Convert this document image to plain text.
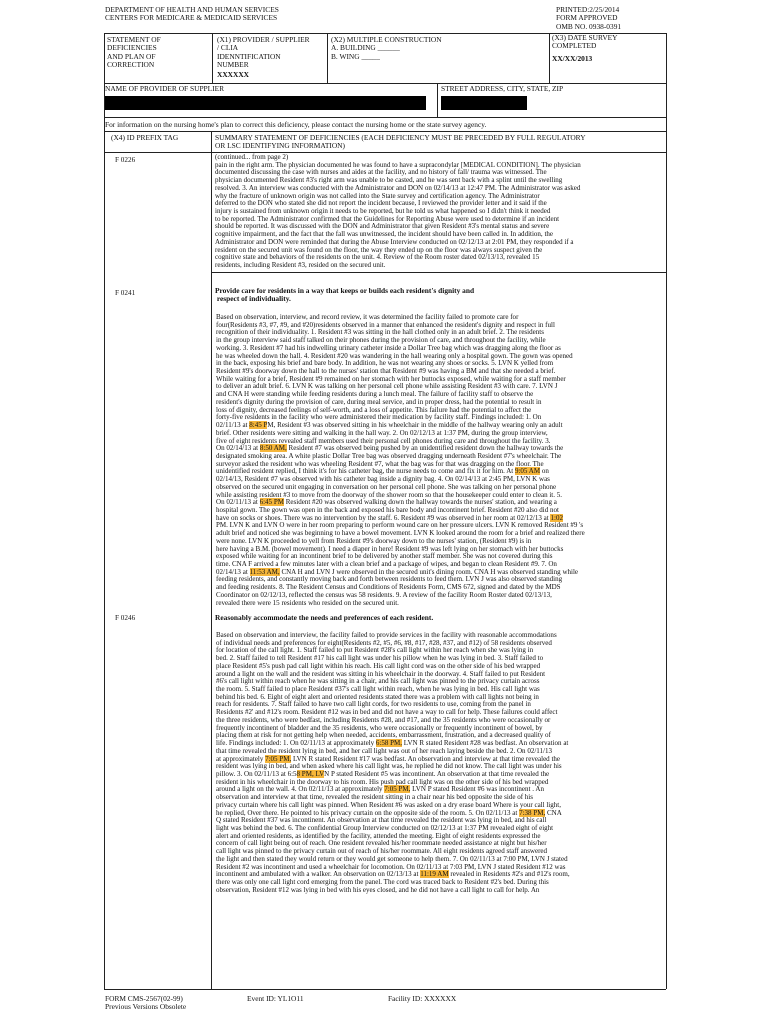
DEPARTMENT OF HEALTH AND HUMAN SERVICES
CENTERS FOR MEDICARE & MEDICAID SERVICES
PRINTED:2/25/2014
FORM APPROVED
OMB NO. 0938-0391
STATEMENT OF
DEFICIENCIES
AND PLAN OF
CORRECTION
(X1) PROVIDER / SUPPLIER
/ CLIA
IDENNTIFICATION
NUMBER
XXXXXX
(X2) MULTIPLE CONSTRUCTION
A. BUILDING ______
B. WING _____
(X3) DATE SURVEY
COMPLETED
XX/XX/2013
NAME OF PROVIDER OF SUPPLIER	STREET ADDRESS, CITY, STATE, ZIP
For information on the nursing home's plan to correct this deficiency, please contact the nursing home or the state survey agency.
(X4) ID PREFIX TAG	SUMMARY STATEMENT OF DEFICIENCIES (EACH DEFICIENCY MUST BE PRECEDED BY FULL REGULATORY
OR LSC IDENTIFYING INFORMATION)
F 0226	(continued... from page 2)
pain in the right arm. The physician documented he was found to have a supracondylar [MEDICAL CONDITION]. The physician
documented discussing the case with nurses and aides at the facility, and no history of fall/ trauma was witnessed. The
physician documented Resident #3's right arm was unable to be casted, and he was sent back with a splint until the swelling
resolved. 3. An interview was conducted with the Administrator and DON on 02/14/13 at 12:47 PM. The Administrator was asked
why the fracture of unknown origin was not called into the State survey and certification agency. The Administrator
deferred to the DON who stated she did not report the incident because, I reviewed the provider letter and it said if the
injury is sustained from unknown origin it needs to be reported, but he told us what happened so I didn't think it needed
to be reported. The Administrator confirmed that the Guidelines for Reporting Abuse were used to determine if an incident
should be reported. It was discussed with the DON and Administrator that given Resident #3's mental status and severe
cognitive impairment, and the fact that the fall was unwitnessed, the incident should have been called in. In addition, the
Administrator and DON were reminded that during the Abuse Interview conducted on 02/12/13 at 2:01 PM, they responded if a
resident on the secured unit was found on the floor, the way they ended up on the floor was always suspect given the
cognitive state and behaviors of the residents on the unit. 4. Review of the Room roster dated 02/13/13, revealed 15
residents, including Resident #3, resided on the secured unit.
F 0241	Provide care for residents in a way that keeps or builds each resident's dignity and
respect of individuality.
Based on observation, interview, and record review, it was determined the facility failed to promote care for
four(Residents #3, #7, #9, and #20)residents observed in a manner that enhanced the resident's dignity and respect in full
recognition of their individuality. 1. Resident #3 was sitting in the hall clothed only in an adult brief. 2. The residents
in the group interview said staff talked on their phones during the provision of care, and throughout the facility, while
working. 3. Resident #7 had his indwelling urinary catheter inside a Dollar Tree bag which was dragging along the floor as
he was wheeled down the hall. 4. Resident #20 was wandering in the hall wearing only a hospital gown. The gown was opened
in the back, exposing his brief and bare body. In addition, he was not wearing any shoes or socks. 5. LVN K yelled from
Resident #9's doorway down the hall to the nurses' station that Resident #9 was having a BM and that she needed a brief.
While waiting for a brief, Resident #9 remained on her stomach with her buttocks exposed, while waiting for a staff member
to deliver an adult brief. 6. LVN K was talking on her personal cell phone while assisting Resident #3 with care. 7. LVN J
and CNA H were standing while feeding residents during a lunch meal. The failure of facility staff to observe the
resident's dignity during the provision of care, during meal service, and in proper dress, had the potential to result in
loss of dignity, decreased feelings of self-worth, and a loss of appetite. This failure had the potential to affect the
forty-five residents in the facility who were administered their medication by facility staff. Findings included: 1. On
02/11/13 at 8:45 PM, Resident #3 was observed sitting in his wheelchair in the middle of the hallway wearing only an adult
brief. Other residents were sitting and walking in the hall way. 2. On 02/12/13 at 1:37 PM, during the group interview,
five of eight residents revealed staff members used their personal cell phones during care and throughout the facility. 3.
On 02/14/13 at 8:50 AM, Resident #7 was observed being pushed by an unidentified resident down the hallway towards the
designated smoking area. A white plastic Dollar Tree bag was observed dragging underneath Resident #7's wheelchair. The
surveyor asked the resident who was wheeling Resident #7, what the bag was for that was dragging on the floor. The
unidentified resident replied, I think it's for his catheter bag, the nurse needs to come and fix it for him. At 9:05 AM on
02/14/13, Resident #7 was observed with his catheter bag inside a dignity bag. 4. On 02/14/13 at 2:45 PM, LVN K was
observed on the secured unit engaging in conversation on her personal cell phone. She was talking on her personal phone
while assisting resident #3 to move from the doorway of the shower room so that the housekeeper could enter to clean it. 5.
On 02/11/13 at 6:45 PM Resident #20 was observed walking down the hallway towards the nurses' station, and wearing a
hospital gown. The gown was open in the back and exposed his bare body and incontinent brief. Resident #20 also did not
have on socks or shoes. There was no intervention by the staff. 6. Resident #9 was observed in her room at 02/12/13 at 1:02
PM. LVN K and LVN O were in her room preparing to perform wound care on her pressure ulcers. LVN K removed Resident #9 's
adult brief and noticed she was beginning to have a bowel movement. LVN K looked around the room for a brief and realized there
were none. LVN K proceeded to yell from Resident #9's doorway down to the nurses' station, (Resident #9) is in
here having a B.M. (bowel movement). I need a diaper in here! Resident #9 was left lying on her stomach with her buttocks
exposed while waiting for an incontinent brief to be delivered by another staff member. She was not covered during this
time. CNA F arrived a few minutes later with a clean brief and a package of wipes, and began to clean Resident #9. 7. On
02/14/13 at 11:53 AM, CNA H and LVN J were observed in the secured unit's dining room. CNA H was observed standing while
feeding residents, and constantly moving back and forth between residents to feed them. LVN J was also observed standing
and feeding residents. 8. The Resident Census and Conditions of Residents Form, CMS 672, signed and dated by the MDS
Coordinator on 02/12/13, reflected the census was 58 residents. 9. A review of the facility Room Roster dated 02/13/13,
revealed there were 15 residents who resided on the secured unit.
F 0246	Reasonably accommodate the needs and preferences of each resident.
Based on observation and interview, the facility failed to provide services in the facility with reasonable accommodations
of individual needs and preferences for eight(Residents #2, #5, #6, #8, #17, #28, #37, and #12) of 58 residents observed
for location of the call light. 1. Staff failed to put Resident #28's call light within her reach when she was lying in
bed. 2. Staff failed to tell Resident #17 his call light was under his pillow when he was lying in bed. 3. Staff failed to
place Resident #5's push pad call light within his reach. His call light cord was on the other side of his bed wrapped
around a light on the wall and the resident was sitting in his wheelchair in the doorway. 4. Staff failed to put Resident
#6's call light within reach when he was sitting in a chair, and his call light was pinned to the privacy curtain across
the room. 5. Staff failed to place Resident #37's call light within reach, when he was lying in bed. His call light was
behind his bed. 6. Eight of eight alert and oriented residents stated there was a problem with call lights not being in
reach for residents. 7. Staff failed to have two call light cords, for two residents to use, coming from the panel in
Residents #2' and #12's room. Resident #12 was in bed and did not have a way to call for help. These failures could affect
the three residents, who were bedfast, including Residents #28, and #17, and the 35 residents who were occasionally or
frequently incontinent of bladder and the 35 residents, who were occasionally or frequently incontinent of bowel, by
placing them at risk for not getting help when needed, accidents, embarrassment, frustration, and a decreased quality of
life. Findings included: 1. On 02/11/13 at approximately 6:58 PM, LVN R stated Resident #28 was bedfast. An observation at
that time revealed the resident lying in bed, and her call light was out of her reach laying beside the bed. 2. On 02/11/13
at approximately 7:05 PM, LVN R stated Resident #17 was bedfast. An observation and interview at that time revealed the
resident was lying in bed, and when asked where his call light was, he replied he did not know. The call light was under his
pillow. 3. On 02/11/13 at 6:58 PM, LVN P stated Resident #5 was incontinent. An observation at that time revealed the
resident in his wheelchair in the doorway to his room. His push pad call light was on the other side of his bed wrapped
around a light on the wall. 4. On 02/11/13 at approximately 7:05 PM, LVN P stated Resident #6 was incontinent . An
observation and interview at that time, revealed the resident sitting in a chair near his bed opposite the side of his
privacy curtain where his call light was pinned. When Resident #6 was asked on a dry erase board Where is your call light,
he replied, Over there. He pointed to his privacy curtain on the opposite side of the room. 5. On 02/11/13 at 7:38 PM, CNA
Q stated Resident #37 was incontinent. An observation at that time revealed the resident was lying in bed, and his call
light was behind the bed. 6. The confidential Group Interview conducted on 02/12/13 at 1:37 PM revealed eight of eight
alert and oriented residents, as identified by the facility, attended the meeting. Eight of eight residents expressed the
concern of call light being out of reach. One resident revealed his/her roommate needed assistance at night but his/her
call light was pinned to the privacy curtain out of reach of his/her roommate. All eight residents agreed staff answered
the light and then stated they would return or they would get someone to help them. 7. On 02/11/13 at 7:00 PM, LVN J stated
Resident #2 was incontinent and used a wheelchair for locomotion. On 02/11/13 at 7:03 PM, LVN J stated Resident #12 was
incontinent and ambulated with a walker. An observation on 02/13/13 at 11:19 AM revealed in Residents #2's and #12's room,
there was only one call light cord emerging from the panel. The cord was traced back to Resident #2's bed. During this
observation, Resident #12 was lying in bed with his eyes closed, and he did not have a call light to call for help. An
FORM CMS-2567(02-99)
Previous Versions Obsolete
Event ID: YL1O11	Facility ID: XXXXXX
